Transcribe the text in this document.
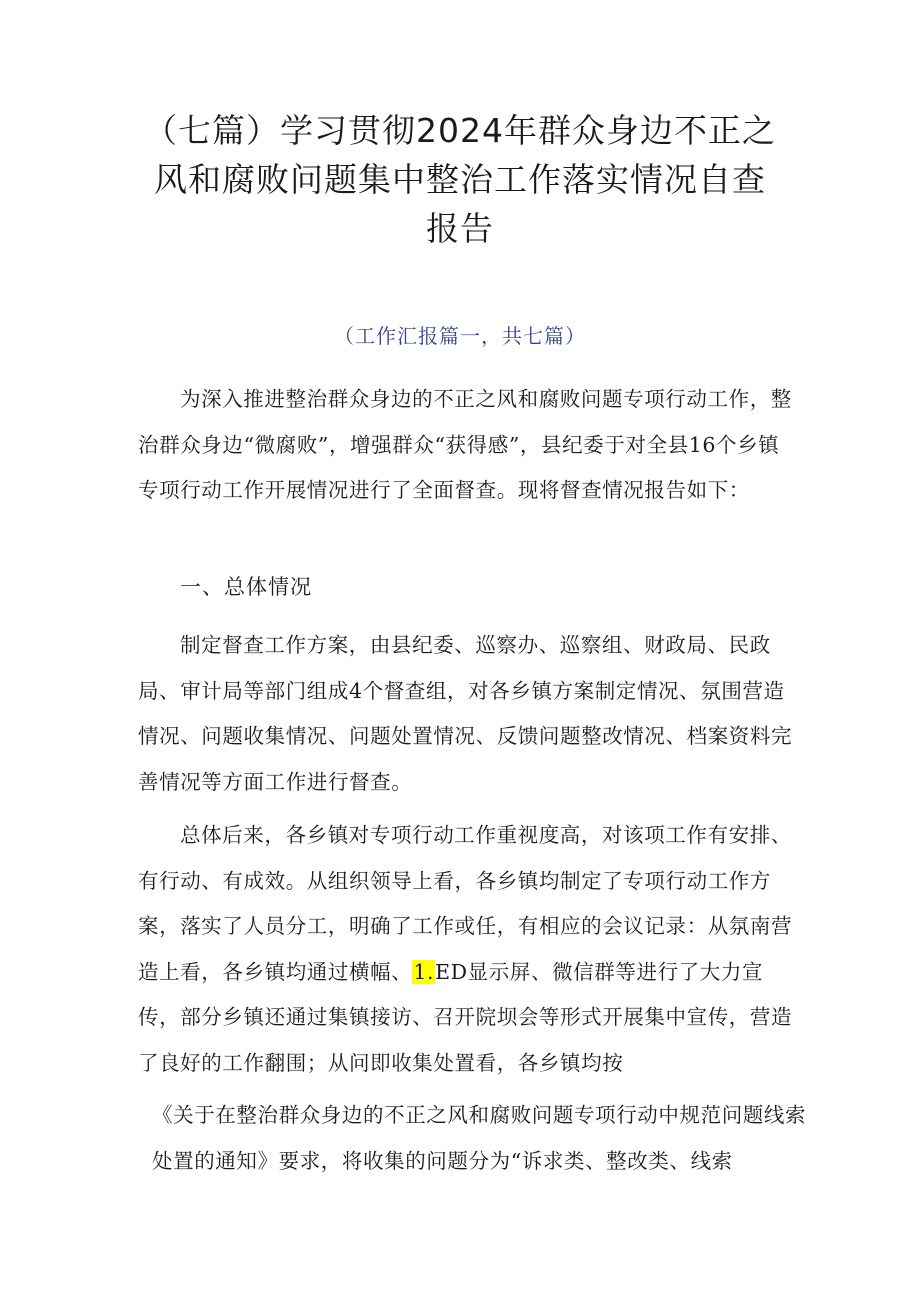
（七篇）学习贯彻2024年群众身边不正之风和腐败问题集中整治工作落实情况自查报告
（工作汇报篇一，共七篇）

为深入推进整治群众身边的不正之风和腐败问题专项行动工作，整治群众身边“微腐败”，增强群众“获得感”，县纪委于对全县16个乡镇专项行动工作开展情况进行了全面督查。现将督查情况报告如下：

一、总体情况

制定督查工作方案，由县纪委、巡察办、巡察组、财政局、民政局、审计局等部门组成4个督查组，对各乡镇方案制定情况、氛围营造情况、问题收集情况、问题处置情况、反馈问题整改情况、档案资料完善情况等方面工作进行督查。

总体后来，各乡镇对专项行动工作重视度高，对该项工作有安排、有行动、有成效。从组织领导上看，各乡镇均制定了专项行动工作方案，落实了人员分工，明确了工作或任，有相应的会议记录：从氛南营造上看，各乡镇均通过横幅、1.ED显示屏、微信群等进行了大力宣传，部分乡镇还通过集镇接访、召开院坝会等形式开展集中宣传，营造了良好的工作翻围；从问即收集处置看，各乡镇均按

《关于在整治群众身边的不正之风和腐败问题专项行动中规范问题线索处置的通知》要求，将收集的问题分为“诉求类、整改类、线索
